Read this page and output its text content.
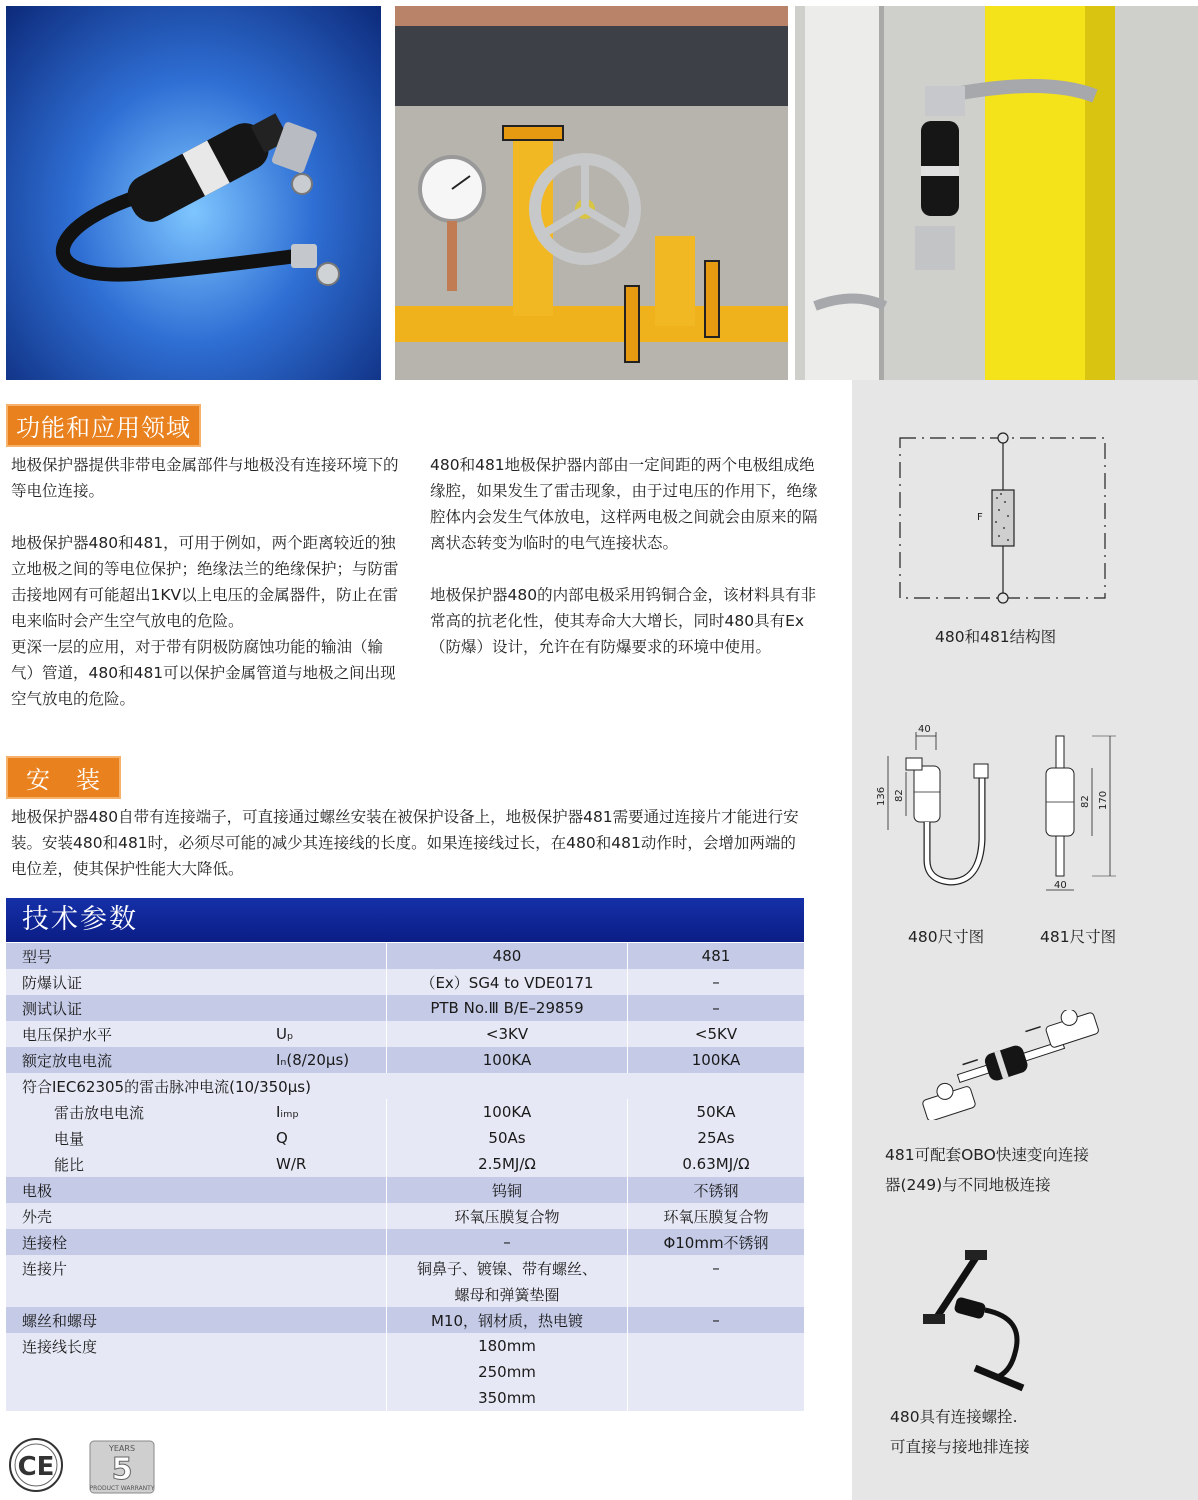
F
480和481结构图
40
136 82	170
82
40
480尺寸图	481尺寸图
481可配套OBO快速变向连接
器(249)与不同地极连接
480具有连接螺拴.
可直接与接地排连接
功能和应用领域

地极保护器提供非带电金属部件与地极没有连接环境下的等电位连接。

地极保护器480和481，可用于例如，两个距离较近的独立地极之间的等电位保护；绝缘法兰的绝缘保护；与防雷击接地网有可能超出1KV以上电压的金属器件，防止在雷电来临时会产生空气放电的危险。

更深一层的应用，对于带有阴极防腐蚀功能的输油（输气）管道，480和481可以保护金属管道与地极之间出现空气放电的危险。

480和481地极保护器内部由一定间距的两个电极组成绝缘腔，如果发生了雷击现象，由于过电压的作用下，绝缘腔体内会发生气体放电，这样两电极之间就会由原来的隔离状态转变为临时的电气连接状态。

地极保护器480的内部电极采用钨铜合金，该材料具有非常高的抗老化性，使其寿命大大增长，同时480具有Ex（防爆）设计，允许在有防爆要求的环境中使用。

安　装
地极保护器480自带有连接端子，可直接通过螺丝安装在被保护设备上，地极保护器481需要通过连接片才能进行安装。安装480和481时，必须尽可能的减少其连接线的长度。如果连接线过长，在480和481动作时，会增加两端的电位差，使其保护性能大大降低。
技术参数
型号		480	481
防爆认证		（Ex）SG4 to VDE0171	–
测试认证		PTB No.Ⅲ B/E–29859	–
电压保护水平	Uₚ	<3KV	<5KV
额定放电电流	Iₙ(8/20μs)	100KA	100KA
符合IEC62305的雷击脉冲电流(10/350μs)			
雷击放电电流	Iᵢₘₚ	100KA	50KA
电量	Q	50As	25As
能比	W/R	2.5MJ/Ω	0.63MJ/Ω
电极		钨铜	不锈钢
外壳		环氧压膜复合物	环氧压膜复合物
连接栓		–	Φ10mm不锈钢
连接片		铜鼻子、镀镍、带有螺丝、	–
		螺母和弹簧垫圈	
螺丝和螺母		M10，钢材质，热电镀	–
连接线长度		180mm	
		250mm	
		350mm	
CE
YEARS
5
PRODUCT WARRANTY
